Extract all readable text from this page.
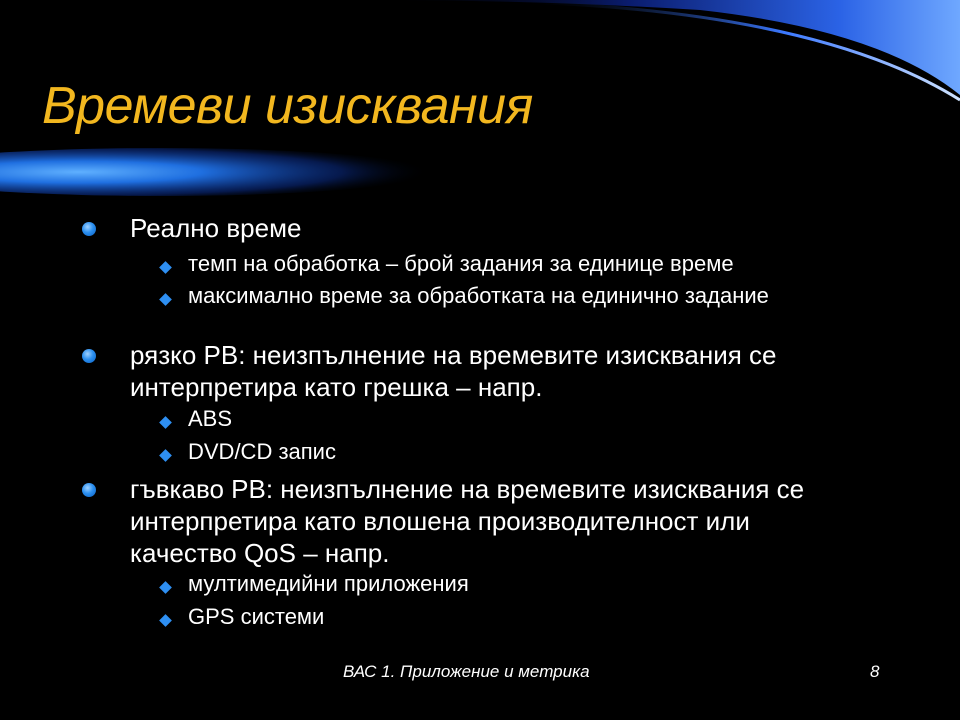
Времеви изисквания
Реално време
темп на обработка – брой задания за единице време
максимално време за обработката на единично задание
рязко РВ: неизпълнение на времевите изисквания се интерпретира като грешка – напр.
ABS
DVD/CD запис
гъвкаво РВ: неизпълнение на времевите изисквания се интерпретира като влошена производителност или качество QoS – напр.
мултимедийни приложения
GPS системи
ВАС 1. Приложение и метрика	8
